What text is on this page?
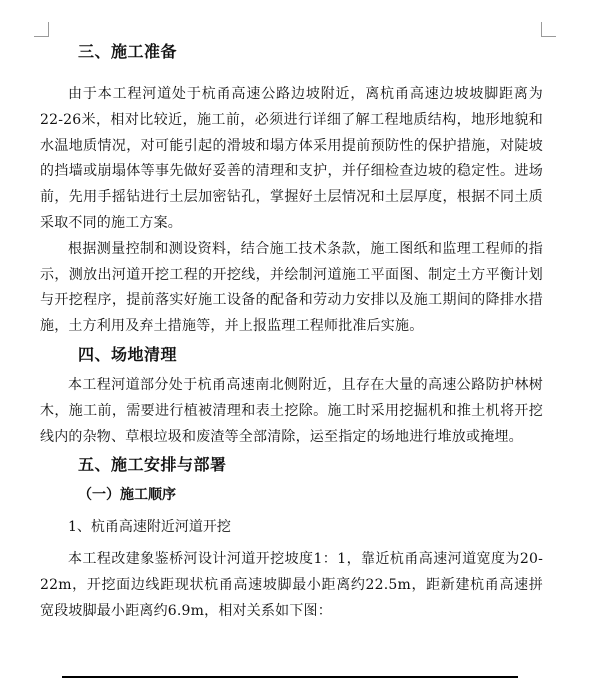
三、施工准备

由于本工程河道处于杭甬高速公路边坡附近，离杭甬高速边坡坡脚距离为22-26米，相对比较近，施工前，必须进行详细了解工程地质结构，地形地貌和水温地质情况，对可能引起的滑坡和塌方体采用提前预防性的保护措施，对陡坡的挡墙或崩塌体等事先做好妥善的清理和支护，并仔细检查边坡的稳定性。进场前，先用手摇钻进行土层加密钻孔，掌握好土层情况和土层厚度，根据不同土质采取不同的施工方案。

根据测量控制和测设资料，结合施工技术条款，施工图纸和监理工程师的指示，测放出河道开挖工程的开挖线，并绘制河道施工平面图、制定土方平衡计划与开挖程序，提前落实好施工设备的配备和劳动力安排以及施工期间的降排水措施，土方利用及弃土措施等，并上报监理工程师批准后实施。

四、场地清理

本工程河道部分处于杭甬高速南北侧附近，且存在大量的高速公路防护林树木，施工前，需要进行植被清理和表土挖除。施工时采用挖掘机和推土机将开挖线内的杂物、草根垃圾和废渣等全部清除，运至指定的场地进行堆放或掩埋。

五、施工安排与部署
（一）施工顺序
1、杭甬高速附近河道开挖

本工程改建象鉴桥河设计河道开挖坡度1：1，靠近杭甬高速河道宽度为20-22m，开挖面边线距现状杭甬高速坡脚最小距离约22.5m，距新建杭甬高速拼宽段坡脚最小距离约6.9m，相对关系如下图：
